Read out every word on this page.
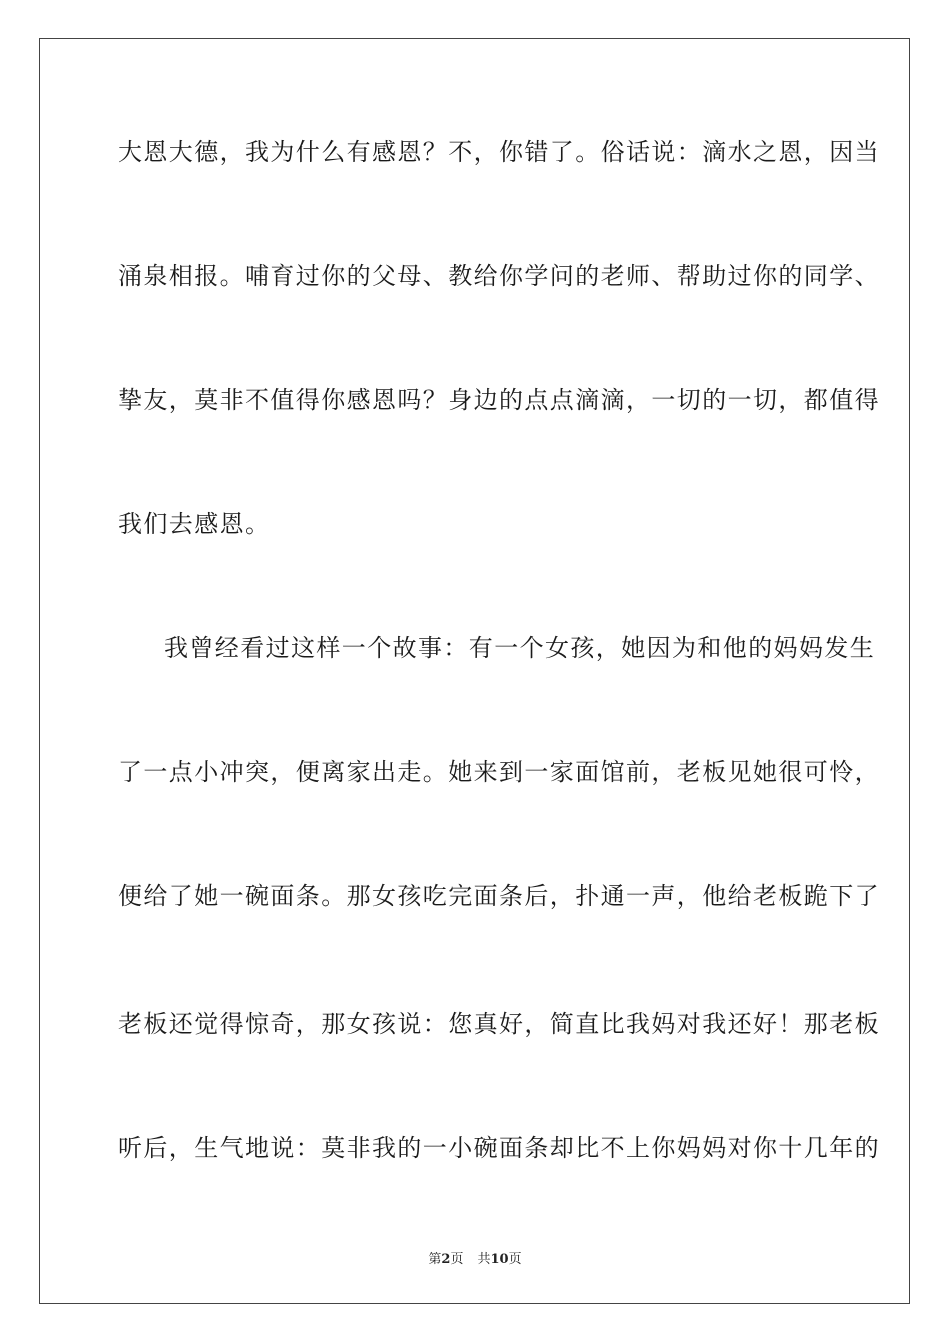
大恩大德，我为什么有感恩？不，你错了。俗话说：滴水之恩，因当
涌泉相报。哺育过你的父母、教给你学问的老师、帮助过你的同学、
挚友，莫非不值得你感恩吗？身边的点点滴滴，一切的一切，都值得
我们去感恩。
我曾经看过这样一个故事：有一个女孩，她因为和他的妈妈发生
了一点小冲突，便离家出走。她来到一家面馆前，老板见她很可怜，
便给了她一碗面条。那女孩吃完面条后，扑通一声，他给老板跪下了
老板还觉得惊奇，那女孩说：您真好，简直比我妈对我还好！那老板
听后，生气地说：莫非我的一小碗面条却比不上你妈妈对你十几年的
第2页 共10页
